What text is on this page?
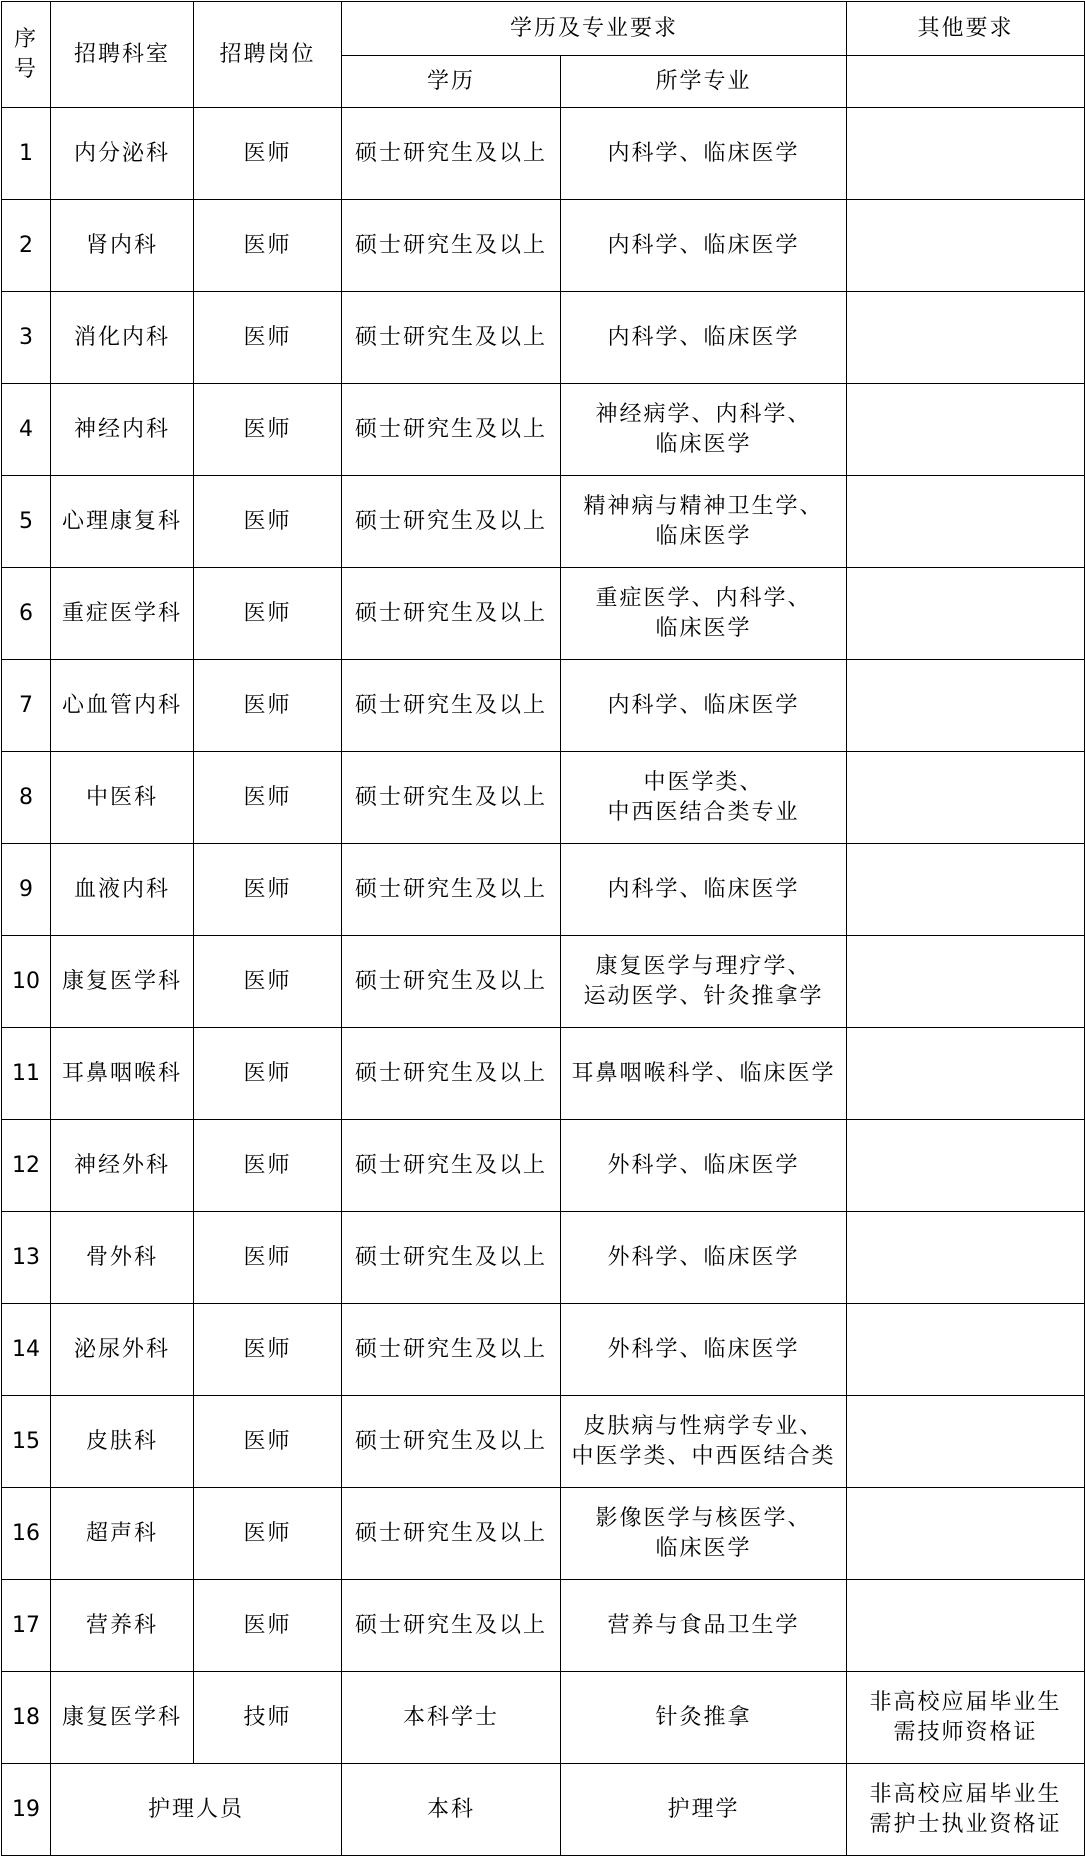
序
号	招聘科室	招聘岗位	学历及专业要求		其他要求
			学历	所学专业	
1	内分泌科	医师	硕士研究生及以上	内科学、临床医学	
2	肾内科	医师	硕士研究生及以上	内科学、临床医学	
3	消化内科	医师	硕士研究生及以上	内科学、临床医学	
4	神经内科	医师	硕士研究生及以上	神经病学、内科学、
临床医学	
5	心理康复科	医师	硕士研究生及以上	精神病与精神卫生学、
临床医学	
6	重症医学科	医师	硕士研究生及以上	重症医学、内科学、
临床医学	
7	心血管内科	医师	硕士研究生及以上	内科学、临床医学	
8	中医科	医师	硕士研究生及以上	中医学类、
中西医结合类专业	
9	血液内科	医师	硕士研究生及以上	内科学、临床医学	
10	康复医学科	医师	硕士研究生及以上	康复医学与理疗学、
运动医学、针灸推拿学	
11	耳鼻咽喉科	医师	硕士研究生及以上	耳鼻咽喉科学、临床医学	
12	神经外科	医师	硕士研究生及以上	外科学、临床医学	
13	骨外科	医师	硕士研究生及以上	外科学、临床医学	
14	泌尿外科	医师	硕士研究生及以上	外科学、临床医学	
15	皮肤科	医师	硕士研究生及以上	皮肤病与性病学专业、
中医学类、中西医结合类	
16	超声科	医师	硕士研究生及以上	影像医学与核医学、
临床医学	
17	营养科	医师	硕士研究生及以上	营养与食品卫生学	
18	康复医学科	技师	本科学士	针灸推拿	非高校应届毕业生
需技师资格证
19	护理人员		本科	护理学	非高校应届毕业生
需护士执业资格证
